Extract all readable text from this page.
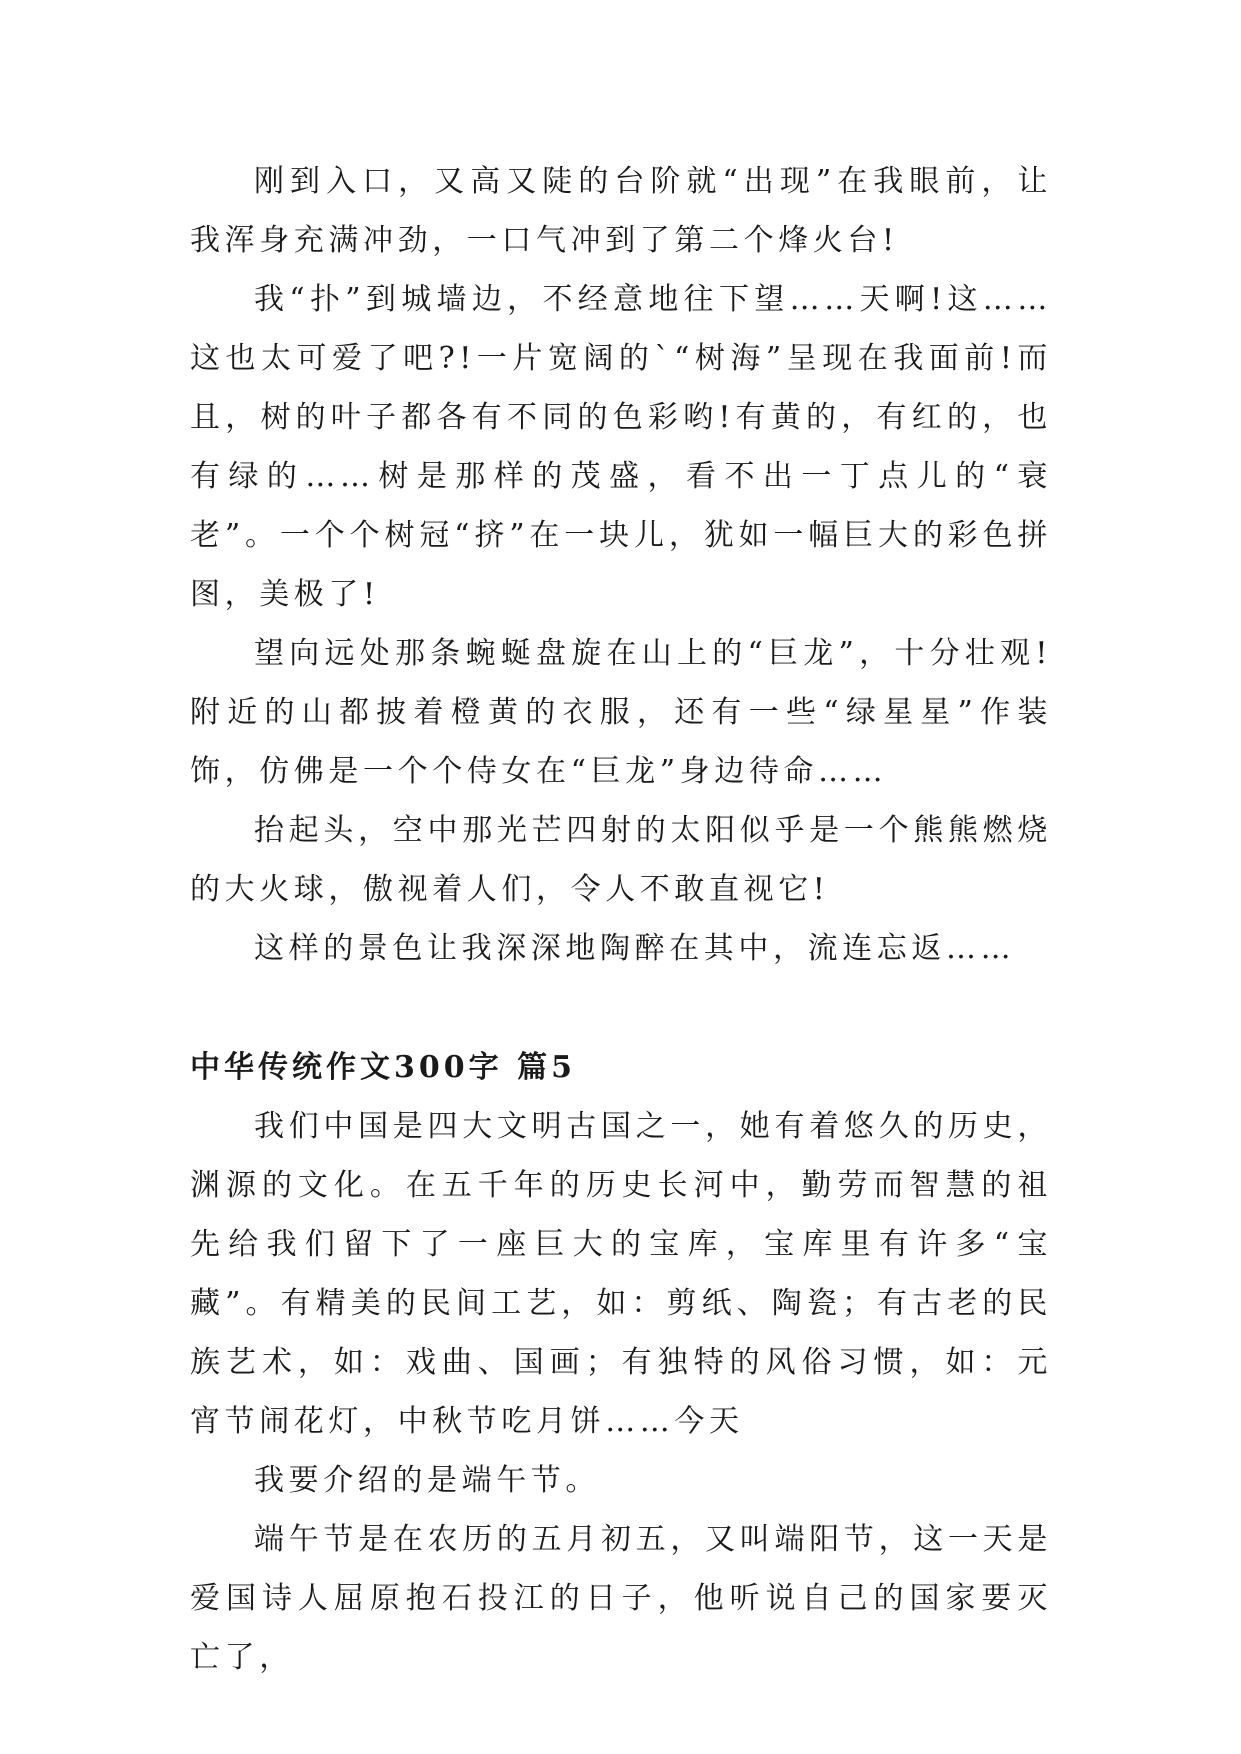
刚到入口，又高又陡的台阶就“出现”在我眼前，让我浑身充满冲劲，一口气冲到了第二个烽火台!

我“扑”到城墙边，不经意地往下望……天啊!这……这也太可爱了吧?!一片宽阔的`“树海”呈现在我面前!而且，树的叶子都各有不同的色彩哟!有黄的，有红的，也有绿的……树是那样的茂盛，看不出一丁点儿的“衰老”。一个个树冠“挤”在一块儿，犹如一幅巨大的彩色拼图，美极了!

望向远处那条蜿蜒盘旋在山上的“巨龙”，十分壮观!附近的山都披着橙黄的衣服，还有一些“绿星星”作装饰，仿佛是一个个侍女在“巨龙”身边待命……

抬起头，空中那光芒四射的太阳似乎是一个熊熊燃烧的大火球，傲视着人们，令人不敢直视它!

这样的景色让我深深地陶醉在其中，流连忘返……

中华传统作文300字 篇5

我们中国是四大文明古国之一，她有着悠久的历史，渊源的文化。在五千年的历史长河中，勤劳而智慧的祖先给我们留下了一座巨大的宝库，宝库里有许多“宝藏”。有精美的民间工艺，如：剪纸、陶瓷；有古老的民族艺术，如：戏曲、国画；有独特的风俗习惯，如：元宵节闹花灯，中秋节吃月饼……今天

我要介绍的是端午节。

端午节是在农历的五月初五，又叫端阳节，这一天是爱国诗人屈原抱石投江的日子，他听说自己的国家要灭亡了，
